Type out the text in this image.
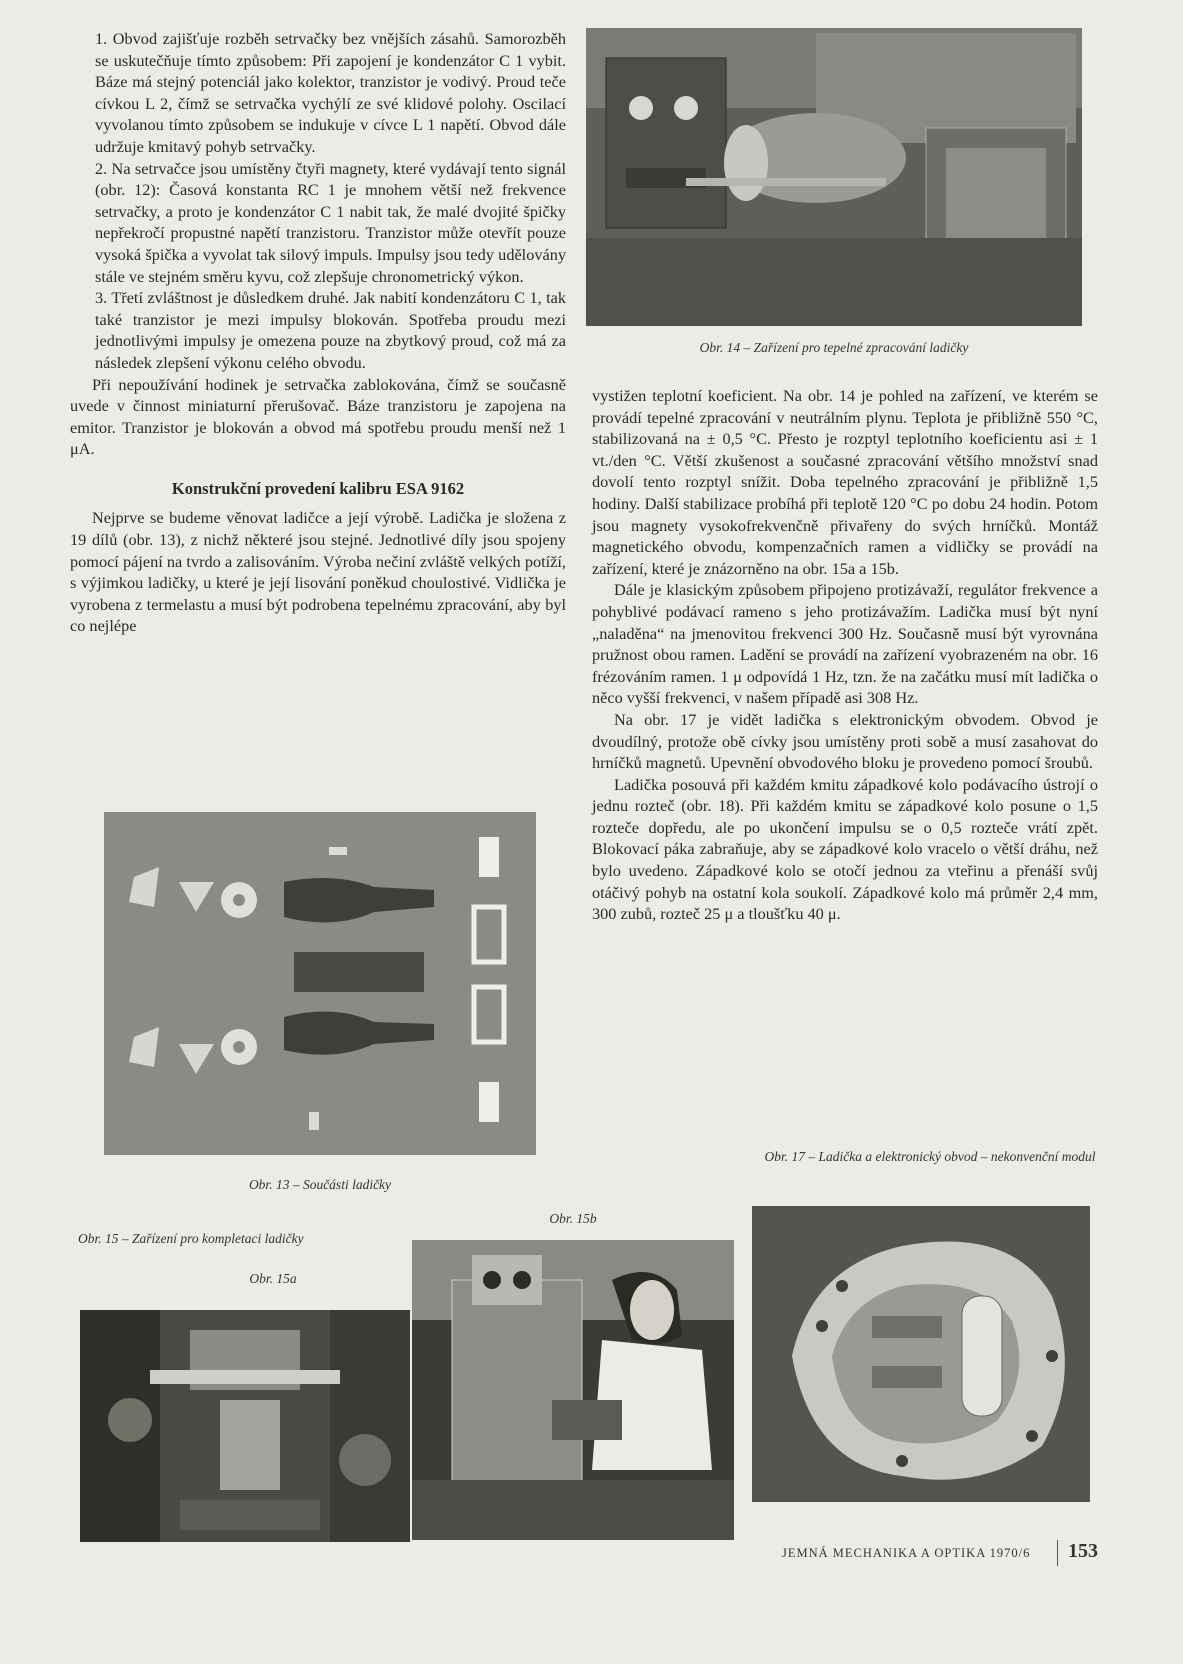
1. Obvod zajišťuje rozběh setrvačky bez vnějších zásahů. Samorozběh se uskutečňuje tímto způsobem: Při zapojení je kondenzátor C 1 vybit. Báze má stejný potenciál jako kolektor, tranzistor je vodivý. Proud teče cívkou L 2, čímž se setrvačka vychýlí ze své klidové polohy. Oscilací vyvolanou tímto způsobem se indukuje v cívce L 1 napětí. Obvod dále udržuje kmitavý pohyb setrvačky.

2. Na setrvačce jsou umístěny čtyři magnety, které vydávají tento signál (obr. 12): Časová konstanta RC 1 je mnohem větší než frekvence setrvačky, a proto je kondenzátor C 1 nabit tak, že malé dvojité špičky nepřekročí propustné napětí tranzistoru. Tranzistor může otevřít pouze vysoká špička a vyvolat tak silový impuls. Impulsy jsou tedy udělovány stále ve stejném směru kyvu, což zlepšuje chronometrický výkon.

3. Třetí zvláštnost je důsledkem druhé. Jak nabití kondenzátoru C 1, tak také tranzistor je mezi impulsy blokován. Spotřeba proudu mezi jednotlivými impulsy je omezena pouze na zbytkový proud, což má za následek zlepšení výkonu celého obvodu.

Při nepoužívání hodinek je setrvačka zablokována, čímž se současně uvede v činnost miniaturní přerušovač. Báze tranzistoru je zapojena na emitor. Tranzistor je blokován a obvod má spotřebu proudu menší než 1 μA.

Konstrukční provedení kalibru ESA 9162

Nejprve se budeme věnovat ladičce a její výrobě. Ladička je složena z 19 dílů (obr. 13), z nichž některé jsou stejné. Jednotlivé díly jsou spojeny pomocí pájení na tvrdo a zalisováním. Výroba nečiní zvláště velkých potíží, s výjimkou ladičky, u které je její lisování poněkud choulostivé. Vidlička je vyrobena z termelastu a musí být podrobena tepelnému zpracování, aby byl co nejlépe

vystižen teplotní koeficient. Na obr. 14 je pohled na zařízení, ve kterém se provádí tepelné zpracování v neutrálním plynu. Teplota je přibližně 550 °C, stabilizovaná na ± 0,5 °C. Přesto je rozptyl teplotního koeficientu asi ± 1 vt./den °C. Větší zkušenost a současné zpracování většího množství snad dovolí tento rozptyl snížit. Doba tepelného zpracování je přibližně 1,5 hodiny. Další stabilizace probíhá při teplotě 120 °C po dobu 24 hodin. Potom jsou magnety vysokofrekvenčně přivařeny do svých hrníčků. Montáž magnetického obvodu, kompenzačních ramen a vidličky se provádí na zařízení, které je znázorněno na obr. 15a a 15b.

Dále je klasickým způsobem připojeno protizávaží, regulátor frekvence a pohyblivé podávací rameno s jeho protizávažím. Ladička musí být nyní „naladěna“ na jmenovitou frekvenci 300 Hz. Současně musí být vyrovnána pružnost obou ramen. Ladění se provádí na zařízení vyobrazeném na obr. 16 frézováním ramen. 1 μ odpovídá 1 Hz, tzn. že na začátku musí mít ladička o něco vyšší frekvenci, v našem případě asi 308 Hz.

Na obr. 17 je vidět ladička s elektronickým obvodem. Obvod je dvoudílný, protože obě cívky jsou umístěny proti sobě a musí zasahovat do hrníčků magnetů. Upevnění obvodového bloku je provedeno pomocí šroubů.

Ladička posouvá při každém kmitu západkové kolo podávacího ústrojí o jednu rozteč (obr. 18). Při každém kmitu se západkové kolo posune o 1,5 rozteče dopředu, ale po ukončení impulsu se o 0,5 rozteče vrátí zpět. Blokovací páka zabraňuje, aby se západkové kolo vracelo o větší dráhu, než bylo uvedeno. Západkové kolo se otočí jednou za vteřinu a přenáší svůj otáčivý pohyb na ostatní kola soukolí. Západkové kolo má průměr 2,4 mm, 300 zubů, rozteč 25 μ a tloušťku 40 μ.

Obr. 14 – Zařízení pro tepelné zpracování ladičky
Obr. 13 – Součásti ladičky
Obr. 15 – Zařízení pro kompletaci ladičky
Obr. 15a
Obr. 15b
Obr. 17 – Ladička a elektronický obvod – nekonvenční modul
JEMNÁ MECHANIKA A OPTIKA 1970/6 153
